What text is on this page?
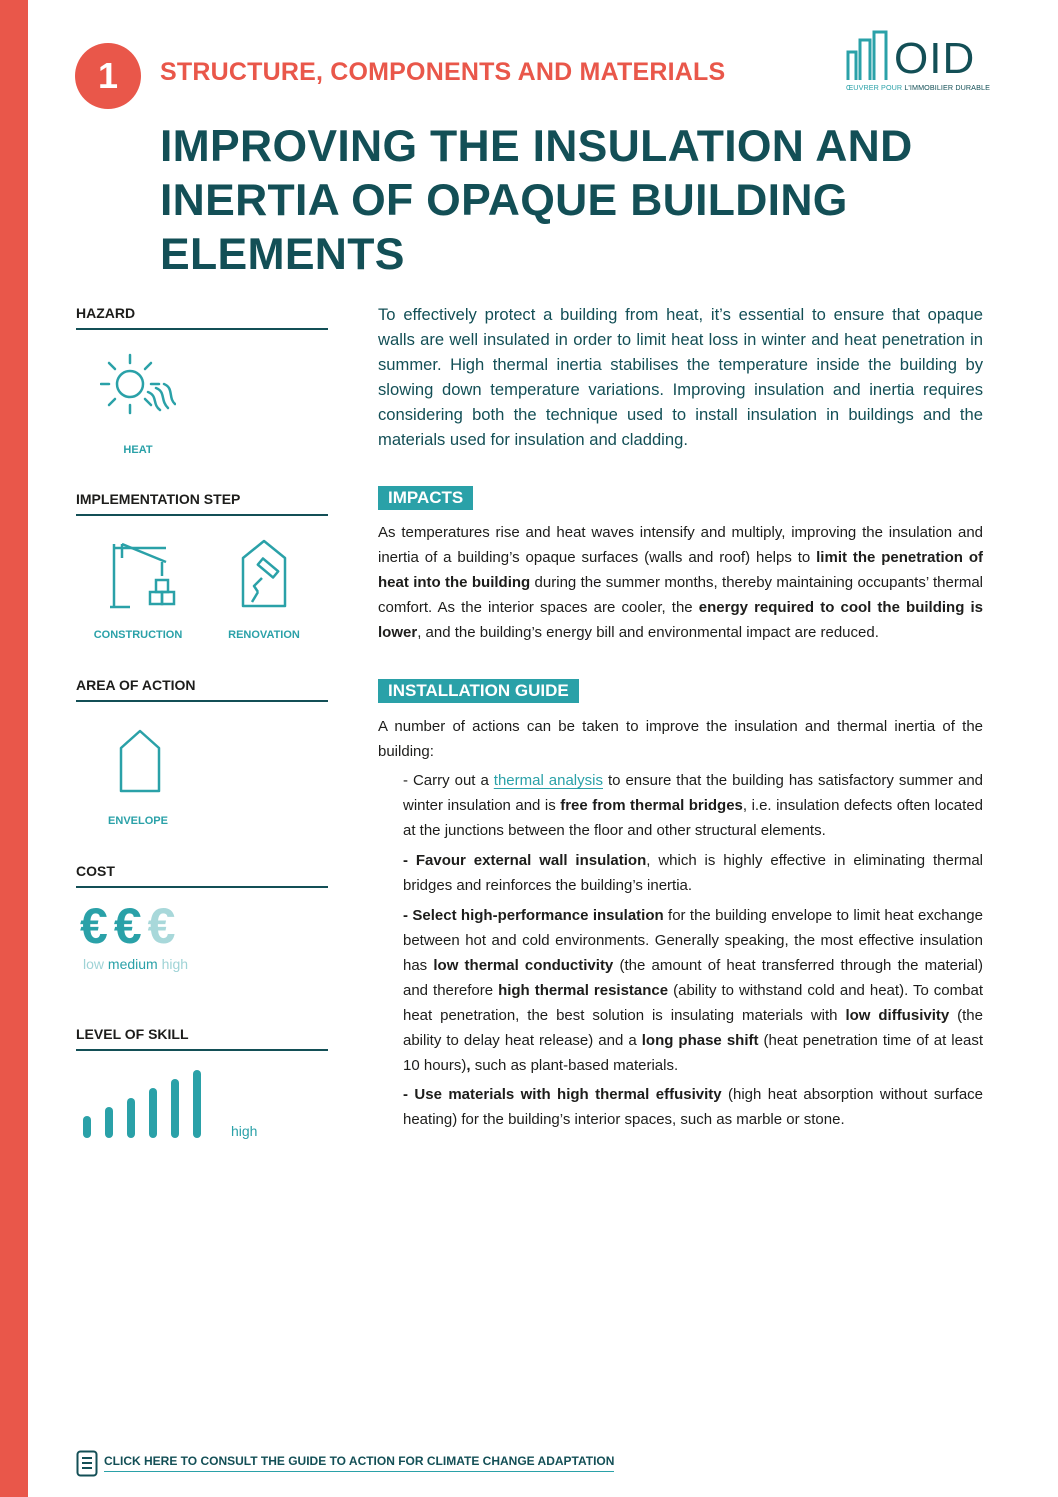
1	STRUCTURE, COMPONENTS AND MATERIALS	OID
ŒUVRER POUR L'IMMOBILIER DURABLE
IMPROVING THE INSULATION AND
INERTIA OF OPAQUE BUILDING
ELEMENTS
HAZARD
HEAT
IMPLEMENTATION STEP
CONSTRUCTION	RENOVATION
AREA OF ACTION
ENVELOPE
COST
€ € €
low medium high
LEVEL OF SKILL
high
To effectively protect a building from heat, it’s essential to ensure that opaque walls are well insulated in order to limit heat loss in winter and heat penetration in summer. High thermal inertia stabilises the temperature inside the building by slowing down temperature variations. Improving insulation and inertia requires considering both the technique used to install insulation in buildings and the materials used for insulation and cladding.
IMPACTS
As temperatures rise and heat waves intensify and multiply, improving the insulation and inertia of a building’s opaque surfaces (walls and roof) helps to limit the penetration of heat into the building during the summer months, thereby maintaining occupants’ thermal comfort. As the interior spaces are cooler, the energy required to cool the building is lower, and the building’s energy bill and environmental impact are reduced.
INSTALLATION GUIDE
A number of actions can be taken to improve the insulation and thermal inertia of the building:
- Carry out a thermal analysis to ensure that the building has satisfactory summer and winter insulation and is free from thermal bridges, i.e. insulation defects often located at the junctions between the floor and other structural elements.
- Favour external wall insulation, which is highly effective in eliminating thermal bridges and reinforces the building’s inertia.
- Select high-performance insulation for the building envelope to limit heat exchange between hot and cold environments. Generally speaking, the most effective insulation has low thermal conductivity (the amount of heat transferred through the material) and therefore high thermal resistance (ability to withstand cold and heat). To combat heat penetration, the best solution is insulating materials with low diffusivity (the ability to delay heat release) and a long phase shift (heat penetration time of at least 10 hours), such as plant-based materials.
- Use materials with high thermal effusivity (high heat absorption without surface heating) for the building’s interior spaces, such as marble or stone.
CLICK HERE TO CONSULT THE GUIDE TO ACTION FOR CLIMATE CHANGE ADAPTATION
